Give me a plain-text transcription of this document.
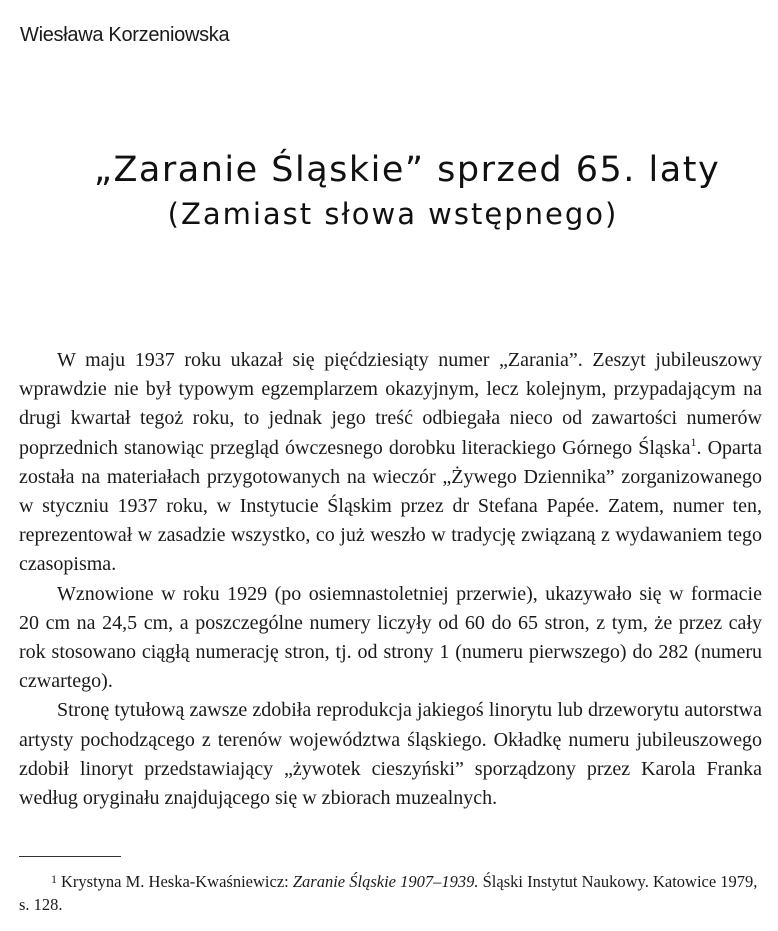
Wiesława Korzeniowska
„Zaranie Śląskie” sprzed 65. laty
(Zamiast słowa wstępnego)

W maju 1937 roku ukazał się pięćdziesiąty numer „Zarania”. Zeszyt jubileuszowy wprawdzie nie był typowym egzemplarzem okazyjnym, lecz kolejnym, przypadającym na drugi kwartał tegoż roku, to jednak jego treść odbiegała nieco od zawartości numerów poprzednich stanowiąc przegląd ówczesnego dorobku literackiego Górnego Śląska$^1$. Oparta została na materiałach przygotowanych na wieczór „Żywego Dziennika” zorganizowanego w styczniu 1937 roku, w Instytucie Śląskim przez dr Stefana Papée. Zatem, numer ten, reprezentował w zasadzie wszystko, co już weszło w tradycję związaną z wydawaniem tego czasopisma.

Wznowione w roku 1929 (po osiemnastoletniej przerwie), ukazywało się w formacie 20 cm na 24,5 cm, a poszczególne numery liczyły od 60 do 65 stron, z tym, że przez cały rok stosowano ciągłą numerację stron, tj. od strony 1 (numeru pierwszego) do 282 (numeru czwartego).

Stronę tytułową zawsze zdobiła reprodukcja jakiegoś linorytu lub drzeworytu autorstwa artysty pochodzącego z terenów województwa śląskiego. Okładkę numeru jubileuszowego zdobił linoryt przedstawiający „żywotek cieszyński” sporządzony przez Karola Franka według oryginału znajdującego się w zbiorach muzealnych.

1 Krystyna M. Heska-Kwaśniewicz: Zaranie Śląskie 1907–1939. Śląski Instytut Naukowy. Katowice 1979, s. 128.
